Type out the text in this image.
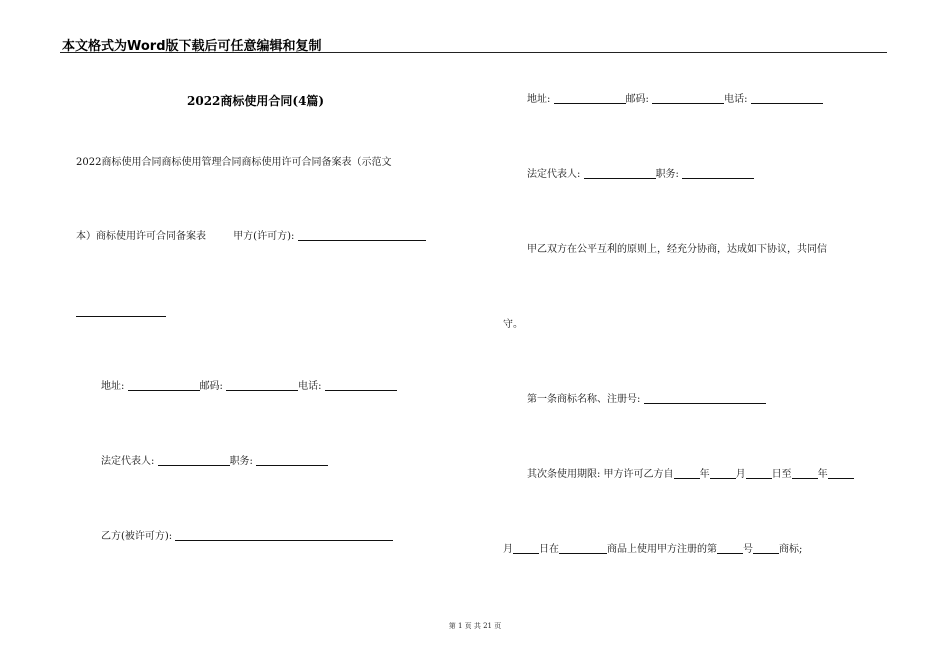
本文格式为Word版下载后可任意编辑和复制
2022商标使用合同(4篇)
2022商标使用合同商标使用管理合同商标使用许可合同备案表（示范文
本）商标使用许可合同备案表	甲方(许可方):
地址:	邮码:	电话:
法定代表人:	职务:
乙方(被许可方):
地址:	邮码:	电话:
法定代表人:	职务:
甲乙双方在公平互利的原则上，经充分协商，达成如下协议，共同信
守。
第一条商标名称、注册号:
其次条使用期限: 甲方许可乙方自	年	月	日至	年
月	日在	商品上使用甲方注册的第	号	商标;
第 1 页 共 21 页
